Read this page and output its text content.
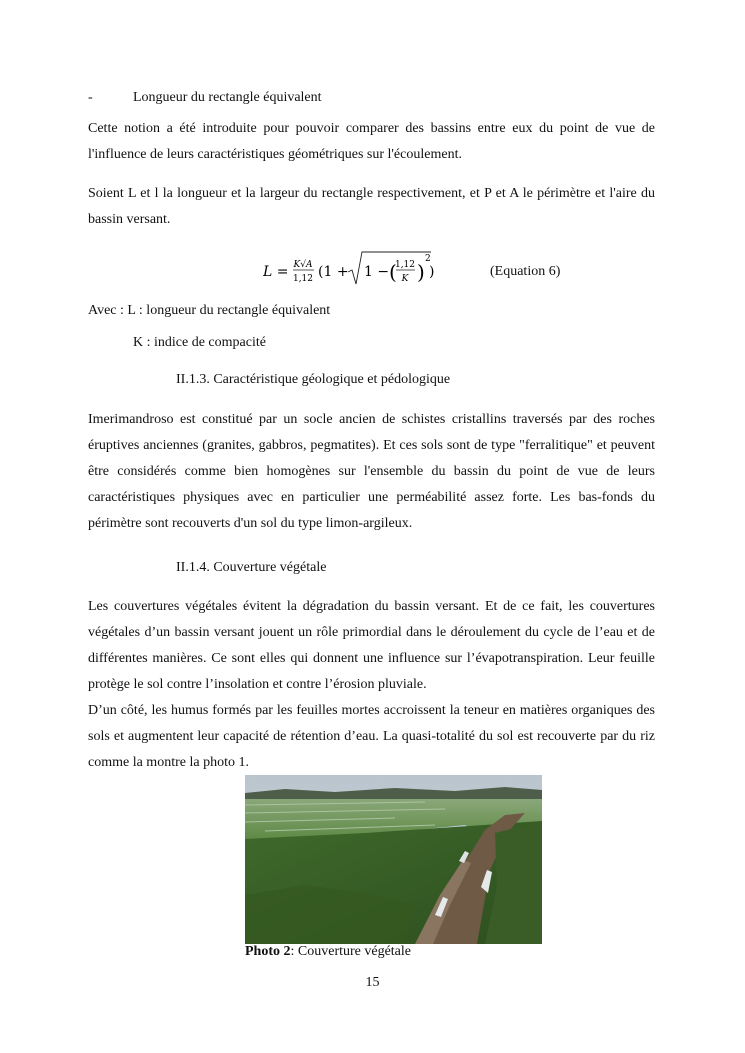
-	Longueur du rectangle équivalent

Cette notion a été introduite pour pouvoir comparer des bassins entre eux du point de vue de l'influence de leurs caractéristiques géométriques sur l'écoulement.

Soient L et l la longueur et la largeur du rectangle respectivement, et P et A le périmètre et l'aire du bassin versant.

L = K√A
1,12 (1 + 1 − (
1,12
K )
2
)	(Equation 6)
Avec : L : longueur du rectangle équivalent
K : indice de compacité
II.1.3. Caractéristique géologique et pédologique

Imerimandroso est constitué par un socle ancien de schistes cristallins traversés par des roches éruptives anciennes (granites, gabbros, pegmatites). Et ces sols sont de type "ferralitique" et peuvent être considérés comme bien homogènes sur l'ensemble du bassin du point de vue de leurs caractéristiques physiques avec en particulier une perméabilité assez forte. Les bas-fonds du périmètre sont recouverts d'un sol du type limon-argileux.

II.1.4. Couverture végétale

Les couvertures végétales évitent la dégradation du bassin versant. Et de ce fait, les couvertures végétales d’un bassin versant jouent un rôle primordial dans le déroulement du cycle de l’eau et de différentes manières. Ce sont elles qui donnent une influence sur l’évapotranspiration. Leur feuille protège le sol contre l’insolation et contre l’érosion pluviale.

D’un côté, les humus formés par les feuilles mortes accroissent la teneur en matières organiques des sols et augmentent leur capacité de rétention d’eau. La quasi-totalité du sol est recouverte par du riz comme la montre la photo 1.

Photo 2: Couverture végétale
15
